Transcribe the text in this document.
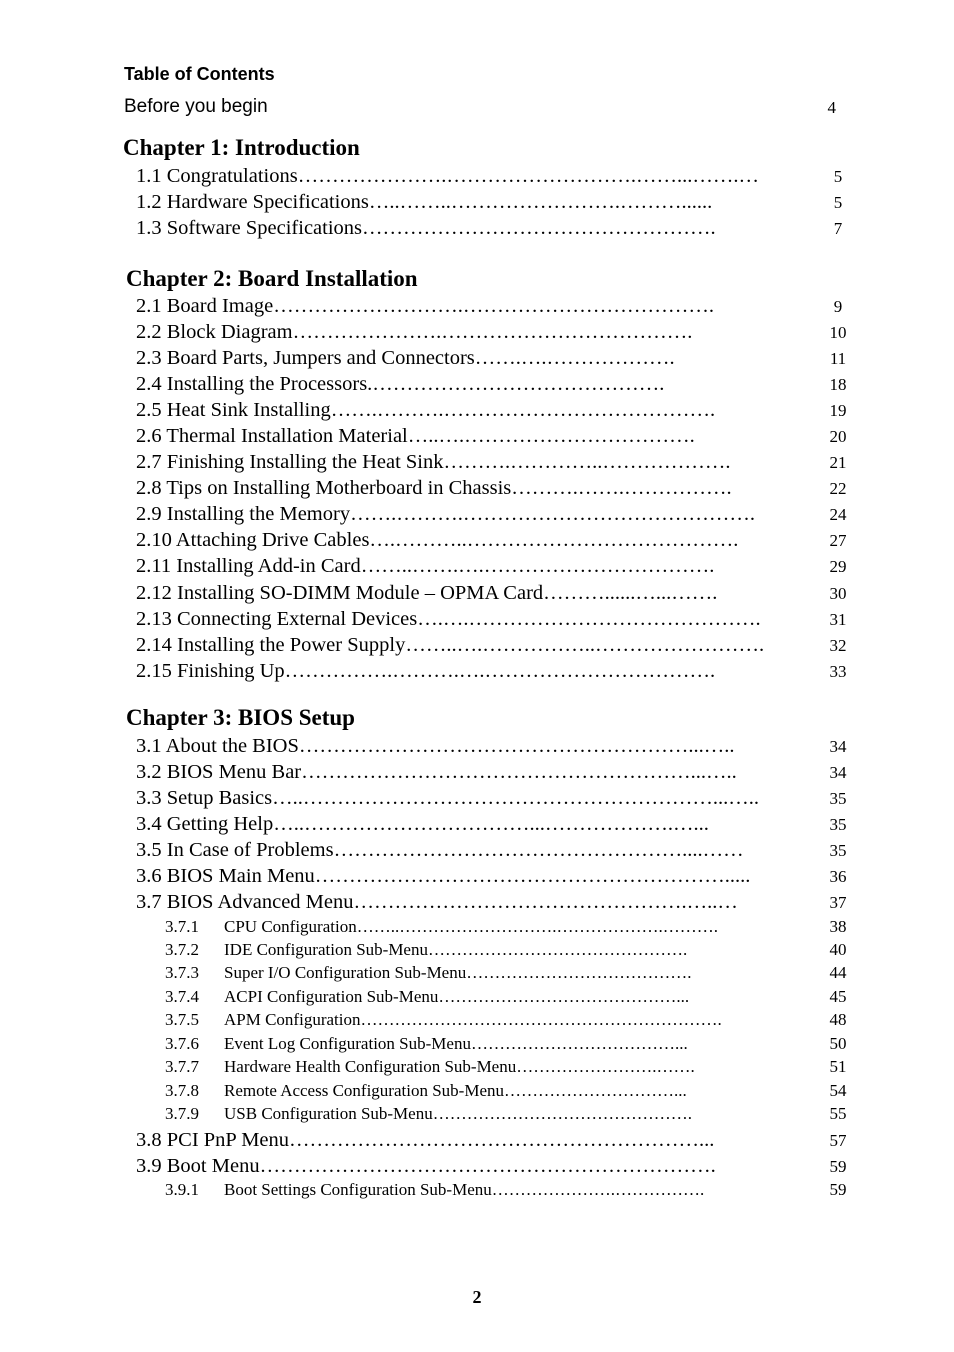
Table of Contents
Before you begin	4
Chapter 1: Introduction
Chapter 2: Board Installation
Chapter 3: BIOS Setup
1.1 Congratulations………………….……………………….……...…….…	5
1.2 Hardware Specifications…..……..…………………….………......	5
1.3 Software Specifications…………………………………………….	7
2.1 Board Image……………………….……………………………….	9
2.2 Block Diagram………………….……………………………….	10
2.3 Board Parts, Jumpers and Connectors…….….……………….	11
2.4 Installing the Processors.…………………………………….	18
2.5 Heat Sink Installing…….……….………………………………….	19
2.6 Thermal Installation Material…..….…………………………….	20
2.7 Finishing Installing the Heat Sink……….…………..……………….	21
2.8 Tips on Installing Motherboard in Chassis……….…….…………….	22
2.9 Installing the Memory…….……….…………………………………….	24
2.10 Attaching Drive Cables….………..………………………………….	27
2.11 Installing Add-in Card……..…….….…………………………….	29
2.12 Installing SO-DIMM Module – OPMA Card………......…...…….	30
2.13 Connecting External Devices….….…………………………………….	31
2.14 Installing the Power Supply……..….……………..…………………….	32
2.15 Finishing Up…………….……….….…………………………….	33
3.1 About the BIOS…………………………………………………...…..	34
3.2 BIOS Menu Bar…………………………………………………...…..	34
3.3 Setup Basics…..……………………………………………………...…..	35
3.4 Getting Help…..……………………………...……………….…...	35
3.5 In Case of Problems……………………………………………....……	35
3.6 BIOS Main Menu…………………………………………………….....	36
3.7 BIOS Advanced Menu………………………………………….…..…	37
3.7.1 CPU Configuration……..……………………….……………….……….	38
3.7.2 IDE Configuration Sub-Menu……………………………………….	40
3.7.3 Super I/O Configuration Sub-Menu………………………………….	44
3.7.4 ACPI Configuration Sub-Menu……………………………………...	45
3.7.5 APM Configuration……………………………………………………….	48
3.7.6 Event Log Configuration Sub-Menu………………………………...	50
3.7.7 Hardware Health Configuration Sub-Menu…………………….…….	51
3.7.8 Remote Access Configuration Sub-Menu…………………………...	54
3.7.9 USB Configuration Sub-Menu……………………………………….	55
3.8 PCI PnP Menu……………………………………………………...	57
3.9 Boot Menu………………………………………………………….	59
3.9.1 Boot Settings Configuration Sub-Menu………………….…………….	59
2
